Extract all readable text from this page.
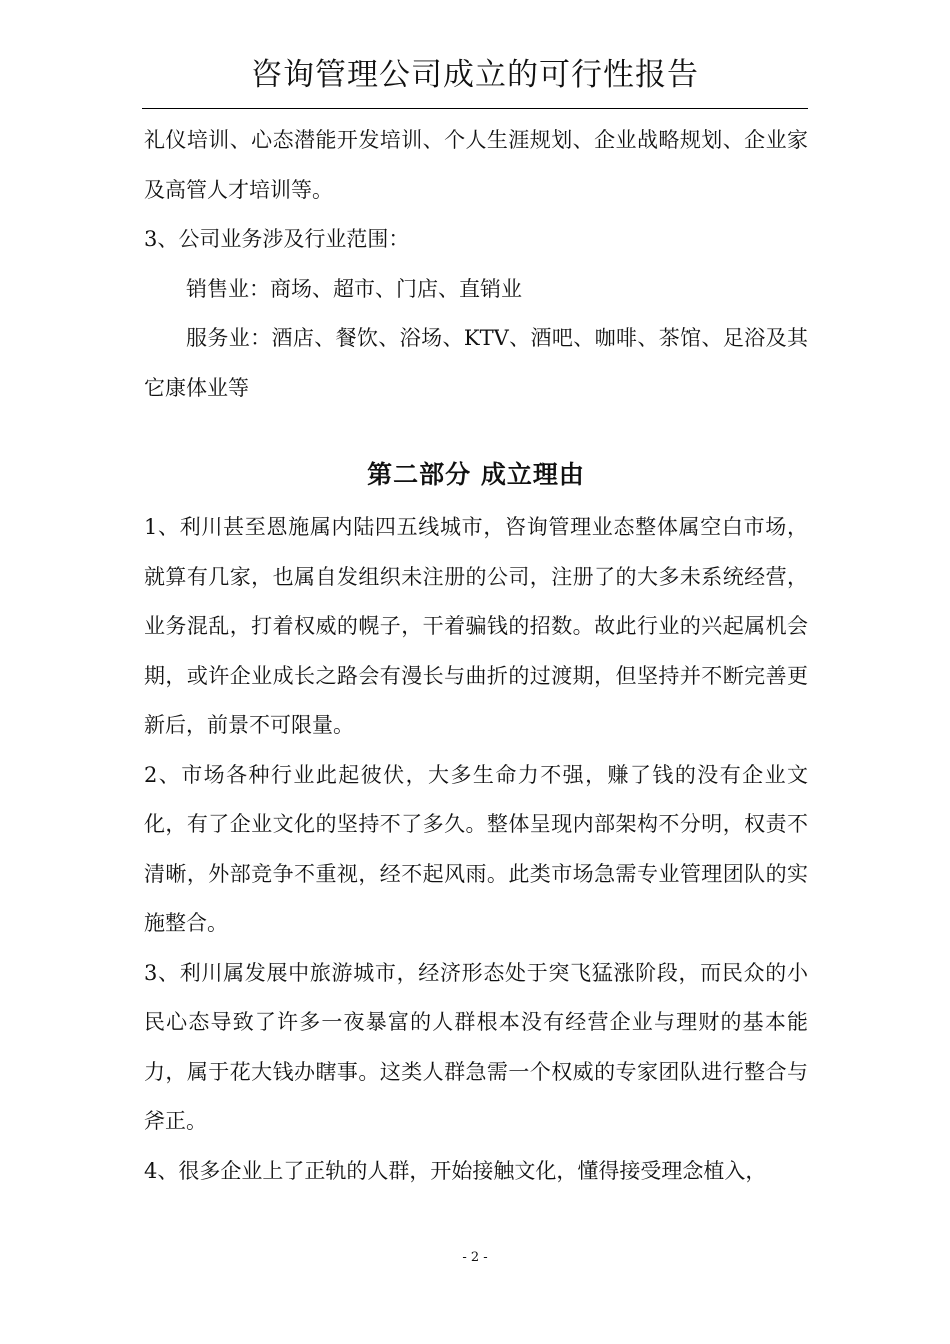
咨询管理公司成立的可行性报告

礼仪培训、心态潜能开发培训、个人生涯规划、企业战略规划、企业家及高管人才培训等。

3、公司业务涉及行业范围：

销售业：商场、超市、门店、直销业

服务业：酒店、餐饮、浴场、KTV、酒吧、咖啡、茶馆、足浴及其它康体业等

第二部分 成立理由

1、利川甚至恩施属内陆四五线城市，咨询管理业态整体属空白市场，就算有几家，也属自发组织未注册的公司，注册了的大多未系统经营，业务混乱，打着权威的幌子，干着骗钱的招数。故此行业的兴起属机会期，或许企业成长之路会有漫长与曲折的过渡期，但坚持并不断完善更新后，前景不可限量。

2、市场各种行业此起彼伏，大多生命力不强，赚了钱的没有企业文化，有了企业文化的坚持不了多久。整体呈现内部架构不分明，权责不清晰，外部竞争不重视，经不起风雨。此类市场急需专业管理团队的实施整合。

3、利川属发展中旅游城市，经济形态处于突飞猛涨阶段，而民众的小民心态导致了许多一夜暴富的人群根本没有经营企业与理财的基本能力，属于花大钱办瞎事。这类人群急需一个权威的专家团队进行整合与斧正。

4、很多企业上了正轨的人群，开始接触文化，懂得接受理念植入，

- 2 -
